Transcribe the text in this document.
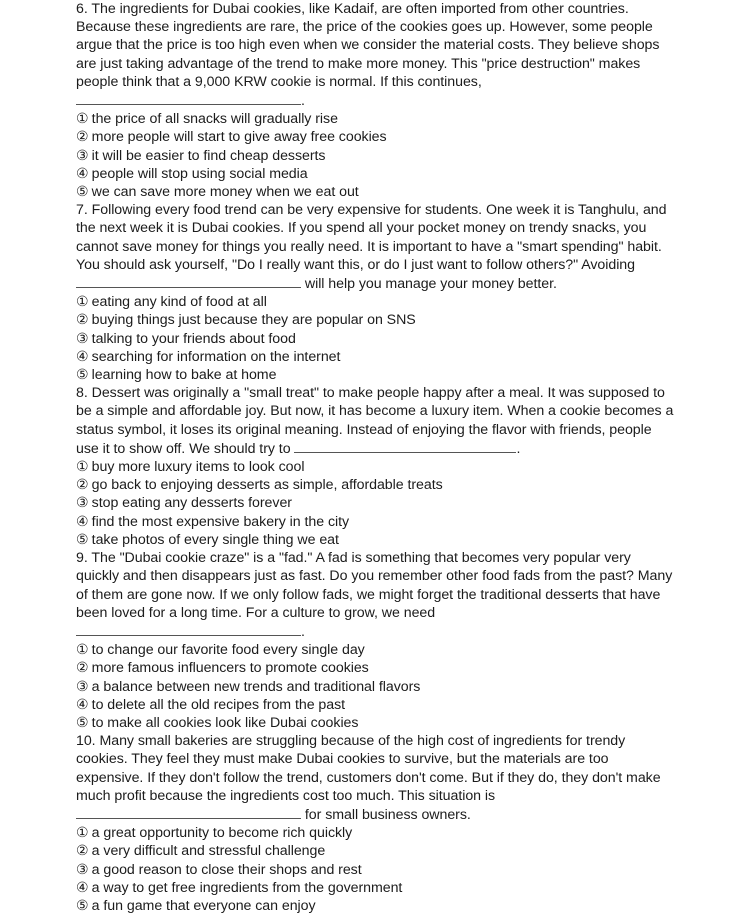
6. The ingredients for Dubai cookies, like Kadaif, are often imported from other countries. Because these ingredients are rare, the price of the cookies goes up. However, some people argue that the price is too high even when we consider the material costs. They believe shops are just taking advantage of the trend to make more money. This "price destruction" makes people think that a 9,000 KRW cookie is normal. If this continues,
.

① the price of all snacks will gradually rise
② more people will start to give away free cookies
③ it will be easier to find cheap desserts
④ people will stop using social media
⑤ we can save more money when we eat out

7. Following every food trend can be very expensive for students. One week it is Tanghulu, and the next week it is Dubai cookies. If you spend all your pocket money on trendy snacks, you cannot save money for things you really need. It is important to have a "smart spending" habit. You should ask yourself, "Do I really want this, or do I just want to follow others?" Avoiding
will help you manage your money better.

① eating any kind of food at all
② buying things just because they are popular on SNS
③ talking to your friends about food
④ searching for information on the internet
⑤ learning how to bake at home

8. Dessert was originally a "small treat" to make people happy after a meal. It was supposed to be a simple and affordable joy. But now, it has become a luxury item. When a cookie becomes a status symbol, it loses its original meaning. Instead of enjoying the flavor with friends, people use it to show off. We should try to	.

① buy more luxury items to look cool
② go back to enjoying desserts as simple, affordable treats
③ stop eating any desserts forever
④ find the most expensive bakery in the city
⑤ take photos of every single thing we eat

9. The "Dubai cookie craze" is a "fad." A fad is something that becomes very popular very quickly and then disappears just as fast. Do you remember other food fads from the past? Many of them are gone now. If we only follow fads, we might forget the traditional desserts that have been loved for a long time. For a culture to grow, we need
.

① to change our favorite food every single day
② more famous influencers to promote cookies
③ a balance between new trends and traditional flavors
④ to delete all the old recipes from the past
⑤ to make all cookies look like Dubai cookies

10. Many small bakeries are struggling because of the high cost of ingredients for trendy cookies. They feel they must make Dubai cookies to survive, but the materials are too expensive. If they don't follow the trend, customers don't come. But if they do, they don't make much profit because the ingredients cost too much. This situation is
for small business owners.

① a great opportunity to become rich quickly
② a very difficult and stressful challenge
③ a good reason to close their shops and rest
④ a way to get free ingredients from the government
⑤ a fun game that everyone can enjoy
